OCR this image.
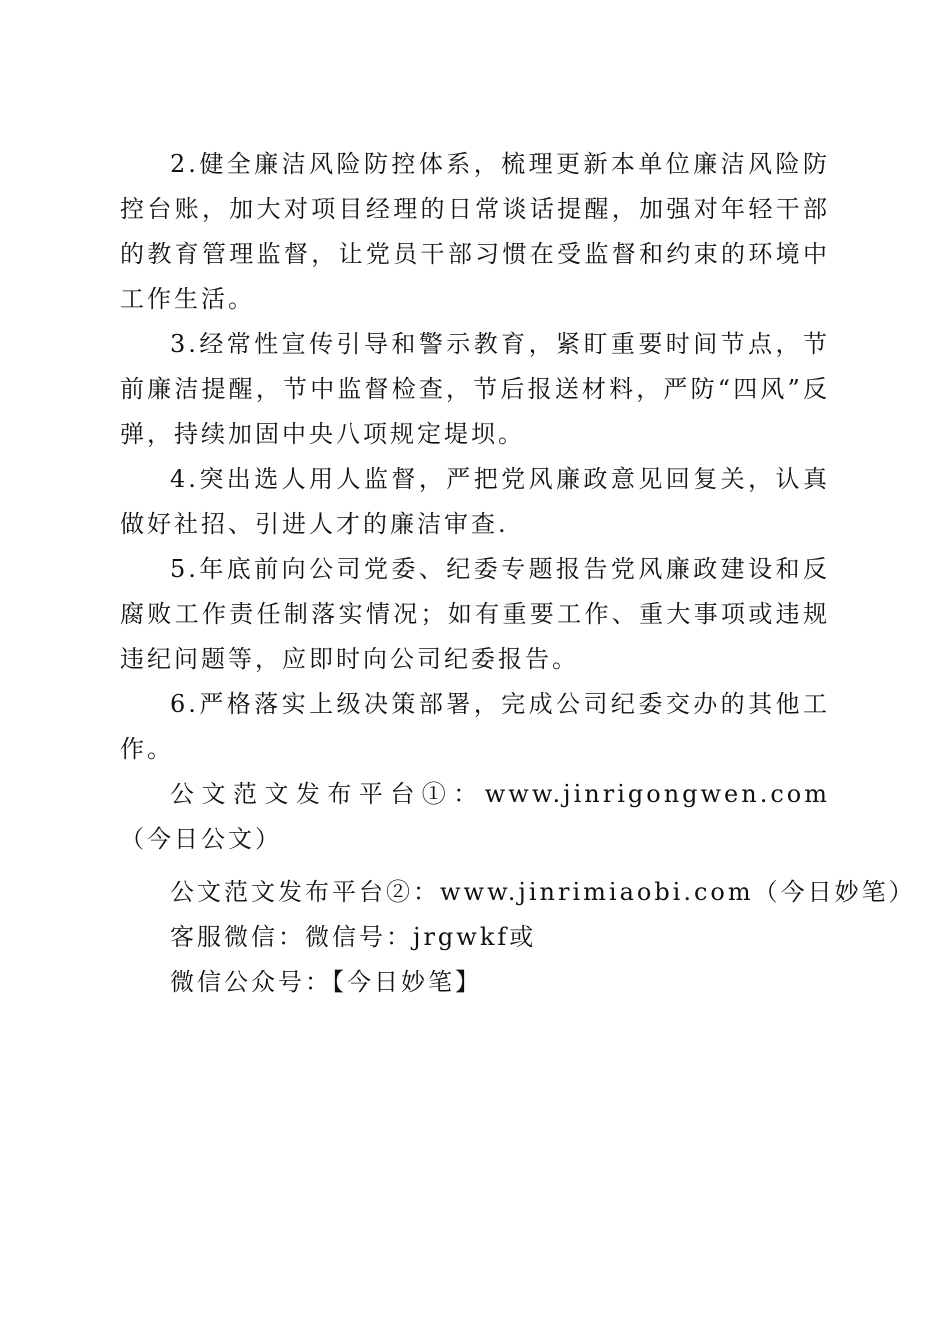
2.健全廉洁风险防控体系，梳理更新本单位廉洁风险防控台账，加大对项目经理的日常谈话提醒，加强对年轻干部的教育管理监督，让党员干部习惯在受监督和约束的环境中工作生活。

3.经常性宣传引导和警示教育，紧盯重要时间节点，节前廉洁提醒，节中监督检查，节后报送材料，严防“四风”反弹，持续加固中央八项规定堤坝。

4.突出选人用人监督，严把党风廉政意见回复关，认真做好社招、引进人才的廉洁审查.

5.年底前向公司党委、纪委专题报告党风廉政建设和反腐败工作责任制落实情况；如有重要工作、重大事项或违规违纪问题等，应即时向公司纪委报告。

6.严格落实上级决策部署，完成公司纪委交办的其他工作。

公文范文发布平台①：www.jinrigongwen.com（今日公文）

公文范文发布平台②：www.jinrimiaobi.com（今日妙笔）

客服微信：微信号：jrgwkf或

微信公众号：【今日妙笔】
